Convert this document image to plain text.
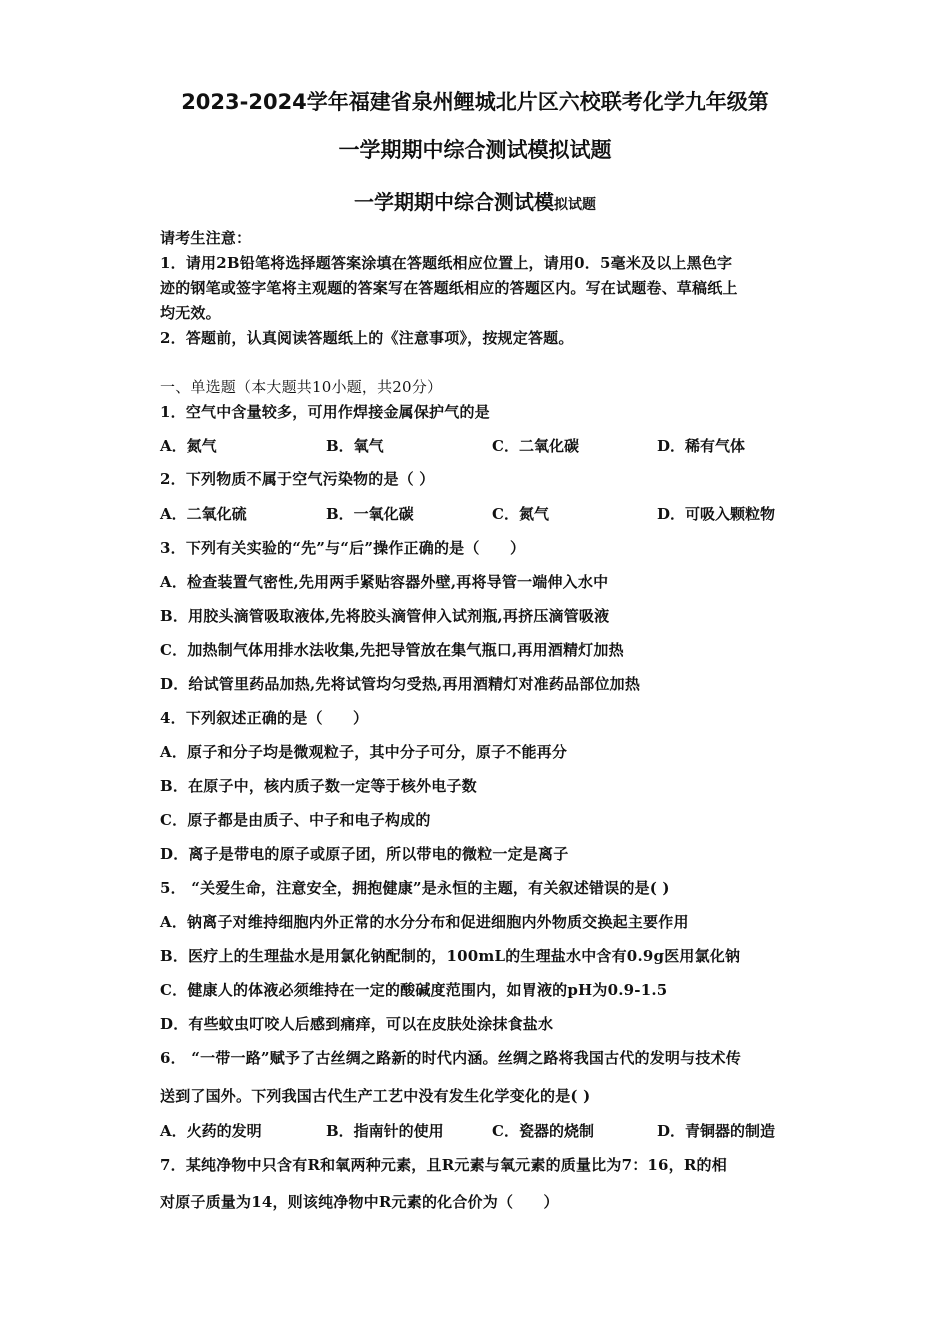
2023-2024学年福建省泉州鲤城北片区六校联考化学九年级第
一学期期中综合测试模拟试题
一学期期中综合测试模拟试题
请考生注意：
1．请用2B铅笔将选择题答案涂填在答题纸相应位置上，请用0．5毫米及以上黑色字
迹的钢笔或签字笔将主观题的答案写在答题纸相应的答题区内。写在试题卷、草稿纸上
均无效。
2．答题前，认真阅读答题纸上的《注意事项》，按规定答题。
一、单选题（本大题共10小题，共20分）
1．空气中含量较多，可用作焊接金属保护气的是
A．氮气	B．氧气	C．二氧化碳	D．稀有气体
2．下列物质不属于空气污染物的是（ ）
A．二氧化硫	B．一氧化碳	C．氮气	D．可吸入颗粒物
3．下列有关实验的“先”与“后”操作正确的是（　　）
A．检查装置气密性,先用两手紧贴容器外壁,再将导管一端伸入水中
B．用胶头滴管吸取液体,先将胶头滴管伸入试剂瓶,再挤压滴管吸液
C．加热制气体用排水法收集,先把导管放在集气瓶口,再用酒精灯加热
D．给试管里药品加热,先将试管均匀受热,再用酒精灯对准药品部位加热
4．下列叙述正确的是（　　）
A．原子和分子均是微观粒子，其中分子可分，原子不能再分
B．在原子中，核内质子数一定等于核外电子数
C．原子都是由质子、中子和电子构成的
D．离子是带电的原子或原子团，所以带电的微粒一定是离子
5． “关爱生命，注意安全，拥抱健康”是永恒的主题，有关叙述错误的是( )
A．钠离子对维持细胞内外正常的水分分布和促进细胞内外物质交换起主要作用
B．医疗上的生理盐水是用氯化钠配制的，100mL的生理盐水中含有0.9g医用氯化钠
C．健康人的体液必须维持在一定的酸碱度范围内，如胃液的pH为0.9-1.5
D．有些蚊虫叮咬人后感到痛痒，可以在皮肤处涂抹食盐水
6． “一带一路”赋予了古丝绸之路新的时代内涵。丝绸之路将我国古代的发明与技术传
送到了国外。下列我国古代生产工艺中没有发生化学变化的是( )
A．火药的发明	B．指南针的使用	C．瓷器的烧制	D．青铜器的制造
7．某纯净物中只含有R和氧两种元素，且R元素与氧元素的质量比为7：16，R的相
对原子质量为14，则该纯净物中R元素的化合价为（　　）
